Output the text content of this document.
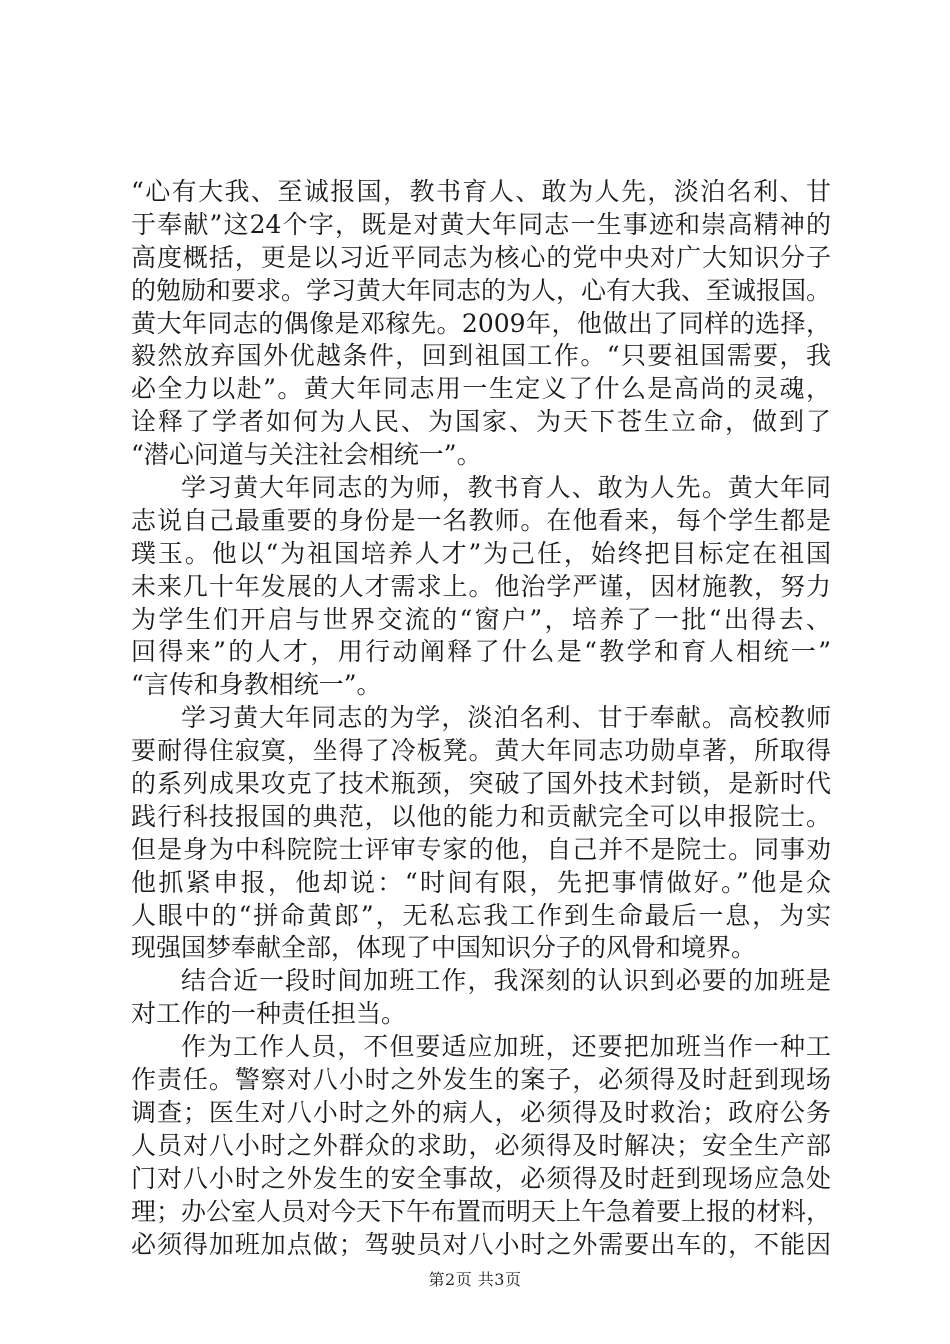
“心有大我、至诚报国，教书育人、敢为人先，淡泊名利、甘
于奉献”这24个字，既是对黄大年同志一生事迹和崇高精神的
高度概括，更是以习近平同志为核心的党中央对广大知识分子
的勉励和要求。学习黄大年同志的为人，心有大我、至诚报国。
黄大年同志的偶像是邓稼先。2009年，他做出了同样的选择，
毅然放弃国外优越条件，回到祖国工作。“只要祖国需要，我
必全力以赴”。黄大年同志用一生定义了什么是高尚的灵魂，
诠释了学者如何为人民、为国家、为天下苍生立命，做到了
“潜心问道与关注社会相统一”。
学习黄大年同志的为师，教书育人、敢为人先。黄大年同
志说自己最重要的身份是一名教师。在他看来，每个学生都是
璞玉。他以“为祖国培养人才”为己任，始终把目标定在祖国
未来几十年发展的人才需求上。他治学严谨，因材施教，努力
为学生们开启与世界交流的“窗户”，培养了一批“出得去、
回得来”的人才，用行动阐释了什么是“教学和育人相统一”
“言传和身教相统一”。
学习黄大年同志的为学，淡泊名利、甘于奉献。高校教师
要耐得住寂寞，坐得了冷板凳。黄大年同志功勋卓著，所取得
的系列成果攻克了技术瓶颈，突破了国外技术封锁，是新时代
践行科技报国的典范，以他的能力和贡献完全可以申报院士。
但是身为中科院院士评审专家的他，自己并不是院士。同事劝
他抓紧申报，他却说：“时间有限，先把事情做好。”他是众
人眼中的“拼命黄郎”，无私忘我工作到生命最后一息，为实
现强国梦奉献全部，体现了中国知识分子的风骨和境界。
结合近一段时间加班工作，我深刻的认识到必要的加班是
对工作的一种责任担当。
作为工作人员，不但要适应加班，还要把加班当作一种工
作责任。警察对八小时之外发生的案子，必须得及时赶到现场
调查；医生对八小时之外的病人，必须得及时救治；政府公务
人员对八小时之外群众的求助，必须得及时解决；安全生产部
门对八小时之外发生的安全事故，必须得及时赶到现场应急处
理；办公室人员对今天下午布置而明天上午急着要上报的材料，
必须得加班加点做；驾驶员对八小时之外需要出车的，不能因
第2页 共3页
